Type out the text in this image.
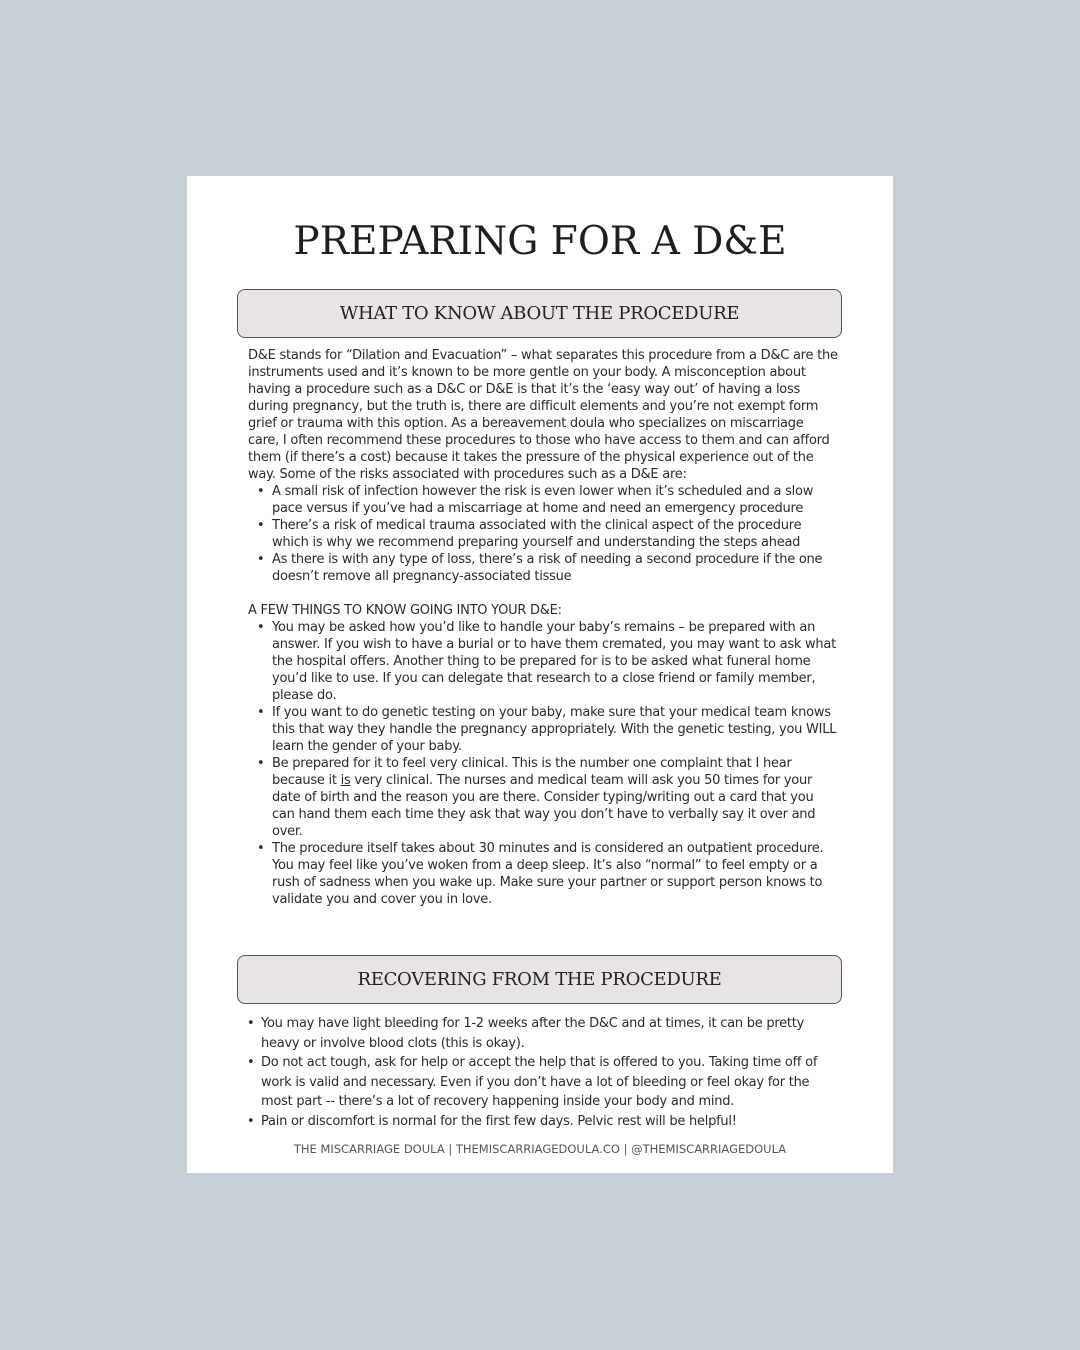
PREPARING FOR A D&E
WHAT TO KNOW ABOUT THE PROCEDURE

D&E stands for “Dilation and Evacuation” – what separates this procedure from a D&C are the instruments used and it’s known to be more gentle on your body. A misconception about having a procedure such as a D&C or D&E is that it’s the ‘easy way out’ of having a loss during pregnancy, but the truth is, there are difficult elements and you’re not exempt form grief or trauma with this option. As a bereavement doula who specializes on miscarriage care, I often recommend these procedures to those who have access to them and can afford them (if there’s a cost) because it takes the pressure of the physical experience out of the way. Some of the risks associated with procedures such as a D&E are:

• A small risk of infection however the risk is even lower when it’s scheduled and a slow pace versus if you’ve had a miscarriage at home and need an emergency procedure
• There’s a risk of medical trauma associated with the clinical aspect of the procedure which is why we recommend preparing yourself and understanding the steps ahead
• As there is with any type of loss, there’s a risk of needing a second procedure if the one doesn’t remove all pregnancy-associated tissue

A FEW THINGS TO KNOW GOING INTO YOUR D&E:

• You may be asked how you’d like to handle your baby’s remains – be prepared with an answer. If you wish to have a burial or to have them cremated, you may want to ask what the hospital offers. Another thing to be prepared for is to be asked what funeral home you’d like to use. If you can delegate that research to a close friend or family member, please do.
• If you want to do genetic testing on your baby, make sure that your medical team knows this that way they handle the pregnancy appropriately. With the genetic testing, you WILL learn the gender of your baby.
• Be prepared for it to feel very clinical. This is the number one complaint that I hear because it is very clinical. The nurses and medical team will ask you 50 times for your date of birth and the reason you are there. Consider typing/writing out a card that you can hand them each time they ask that way you don’t have to verbally say it over and over.
• The procedure itself takes about 30 minutes and is considered an outpatient procedure. You may feel like you’ve woken from a deep sleep. It’s also “normal” to feel empty or a rush of sadness when you wake up. Make sure your partner or support person knows to validate you and cover you in love.
RECOVERING FROM THE PROCEDURE
• You may have light bleeding for 1-2 weeks after the D&C and at times, it can be pretty heavy or involve blood clots (this is okay).
• Do not act tough, ask for help or accept the help that is offered to you. Taking time off of work is valid and necessary. Even if you don’t have a lot of bleeding or feel okay for the most part -- there’s a lot of recovery happening inside your body and mind.
• Pain or discomfort is normal for the first few days. Pelvic rest will be helpful!
THE MISCARRIAGE DOULA | THEMISCARRIAGEDOULA.CO | @THEMISCARRIAGEDOULA
